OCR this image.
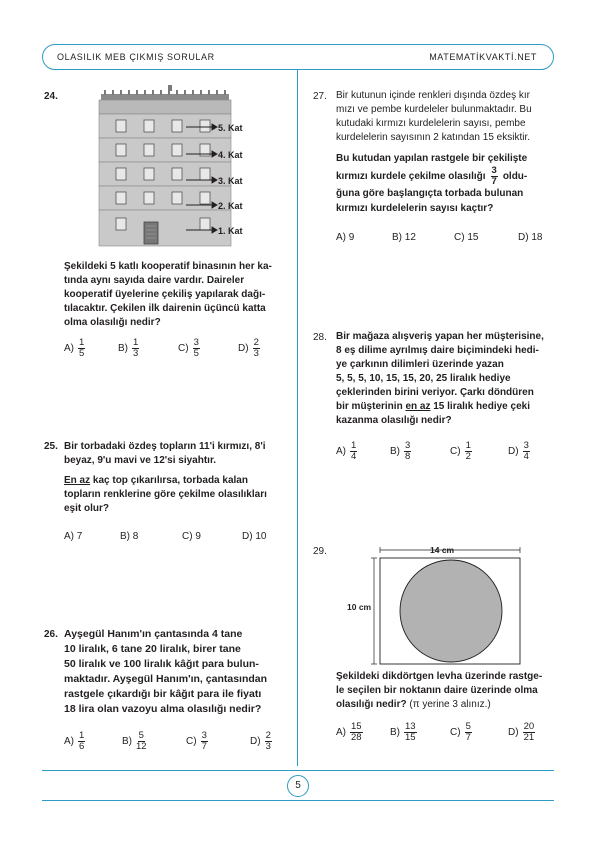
OLASILIK MEB ÇIKMIŞ SORULAR	MATEMATİKVAKTİ.NET
5
24.
5. Kat
4. Kat
3. Kat
2. Kat
1. Kat
Şekildeki 5 katlı kooperatif binasının her ka-
tında aynı sayıda daire vardır. Daireler
kooperatif üyelerine çekiliş yapılarak dağı-
tılacaktır. Çekilen ilk dairenin üçüncü katta
olma olasılığı nedir?
$A) \frac{1}{5}$	$B) \frac{1}{3}$	$C) \frac{3}{5}$	$D) \frac{2}{3}$
25. Bir torbadaki özdeş topların 11'i kırmızı, 8'i
beyaz, 9'u mavi ve 12'si siyahtır.
En az kaç top çıkarılırsa, torbada kalan
topların renklerine göre çekilme olasılıkları
eşit olur?
A) 7	B) 8	C) 9	D) 10
26. Ayşegül Hanım'ın çantasında 4 tane
10 liralık, 6 tane 20 liralık, birer tane
50 liralık ve 100 liralık kâğıt para bulun-
maktadır. Ayşegül Hanım'ın, çantasından
rastgele çıkardığı bir kâğıt para ile fiyatı
18 lira olan vazoyu alma olasılığı nedir?
$A) \frac{1}{6}$	$B) \frac{5}{12}$	$C) \frac{3}{7}$	$D) \frac{2}{3}$
27. Bir kutunun içinde renkleri dışında özdeş kır
mızı ve pembe kurdeleler bulunmaktadır. Bu
kutudaki kırmızı kurdelelerin sayısı, pembe
kurdelelerin sayısının 2 katından 15 eksiktir.
Bu kutudan yapılan rastgele bir çekilişte
kırmızı kurdele çekilme olasılığı $\frac{3}{7}$ oldu-
ğuna göre başlangıçta torbada bulunan
kırmızı kurdelelerin sayısı kaçtır?
A) 9	B) 12	C) 15	D) 18
28. Bir mağaza alışveriş yapan her müşterisine,
8 eş dilime ayrılmış daire biçimindeki hedi-
ye çarkının dilimleri üzerinde yazan
5, 5, 5, 10, 15, 15, 20, 25 liralık hediye
çeklerinden birini veriyor. Çarkı döndüren
bir müşterinin en az 15 liralık hediye çeki
kazanma olasılığı nedir?
$A) \frac{1}{4}$	$B) \frac{3}{8}$	$C) \frac{1}{2}$	$D) \frac{3}{4}$
29.	14 cm
10 cm
Şekildeki dikdörtgen levha üzerinde rastge-
le seçilen bir noktanın daire üzerinde olma
olasılığı nedir? (π yerine 3 alınız.)
$A) \frac{15}{28}$	$B) \frac{13}{15}$	$C) \frac{5}{7}$	$D) \frac{20}{21}$
